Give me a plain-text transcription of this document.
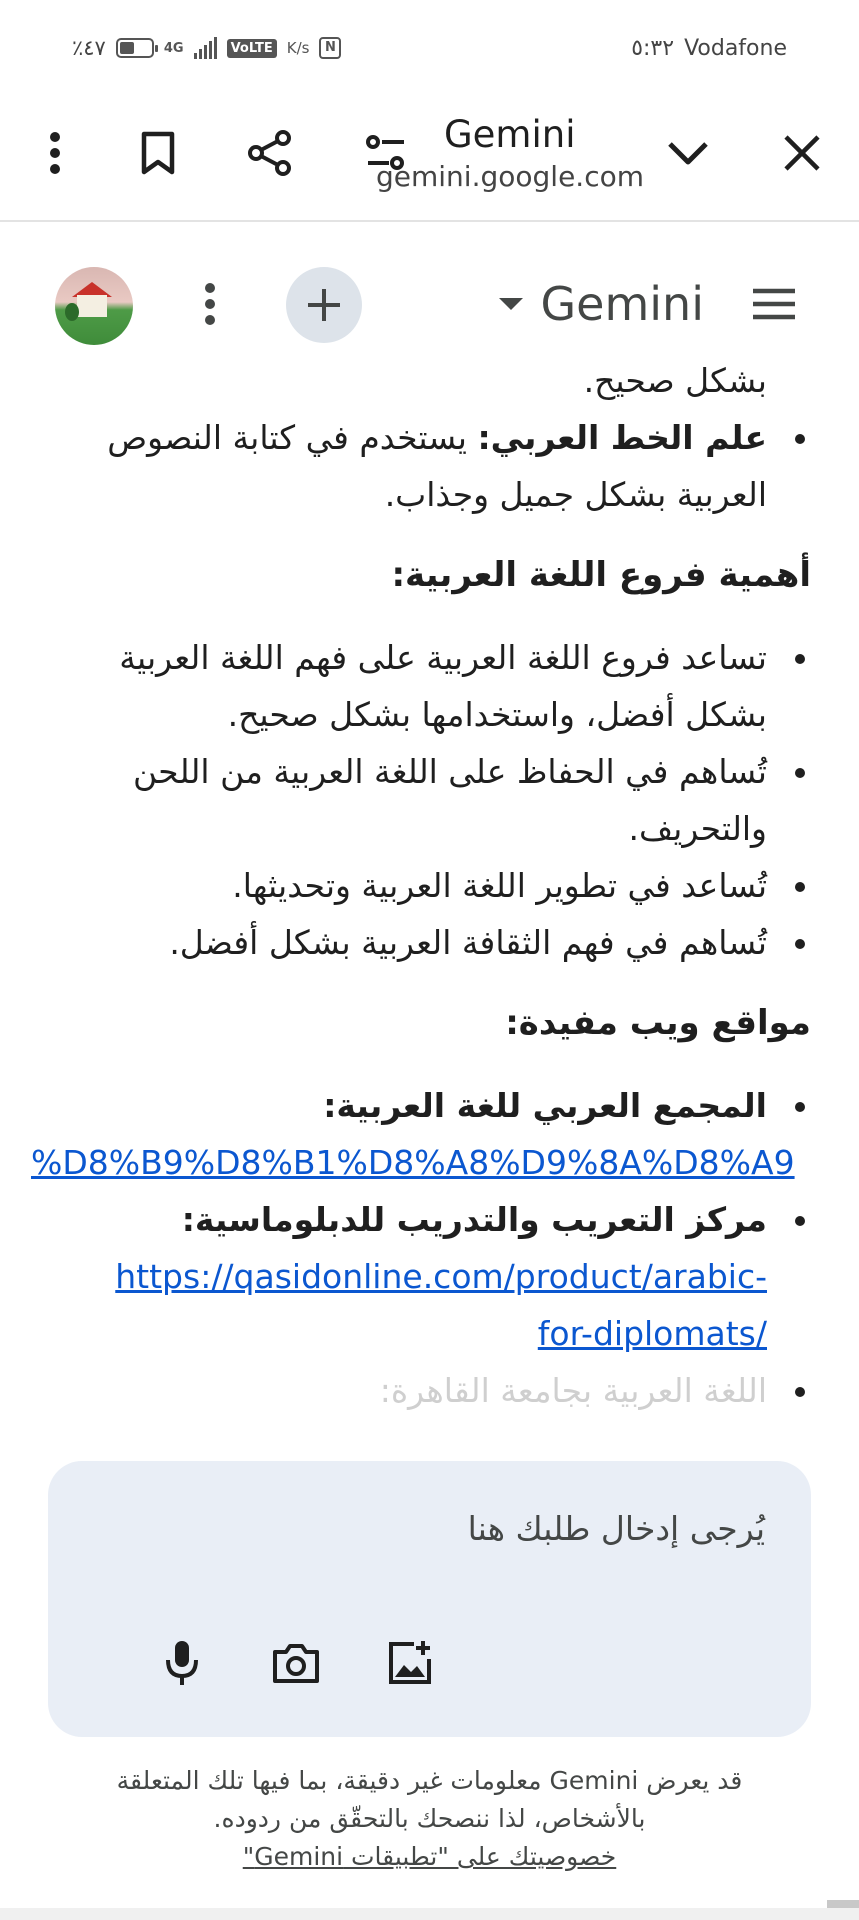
٪٤٧	4G	VoLTE K/s	N	٥:٣٢ Vodafone
Gemini
gemini.google.com
Gemini
بشكل صحيح.
علم الخط العربي: يستخدم في كتابة النصوص العربية بشكل جميل وجذاب.
أهمية فروع اللغة العربية:
تساعد فروع اللغة العربية على فهم اللغة العربية بشكل أفضل، واستخدامها بشكل صحيح.
تُساهم في الحفاظ على اللغة العربية من اللحن والتحريف.
تُساعد في تطوير اللغة العربية وتحديثها.
تُساهم في فهم الثقافة العربية بشكل أفضل.
مواقع ويب مفيدة:
المجمع العربي للغة العربية:
%D8%B9%D8%B1%D8%A8%D9%8A%D8%A9
مركز التعريب والتدريب للدبلوماسية:
https://qasidonline.com/product/arabic-
for-diplomats/
اللغة العربية بجامعة القاهرة:
يُرجى إدخال طلبك هنا
قد يعرض Gemini معلومات غير دقيقة، بما فيها تلك المتعلقة بالأشخاص، لذا ننصحك بالتحقّق من ردوده.
خصوصيتك على "تطبيقات Gemini"
